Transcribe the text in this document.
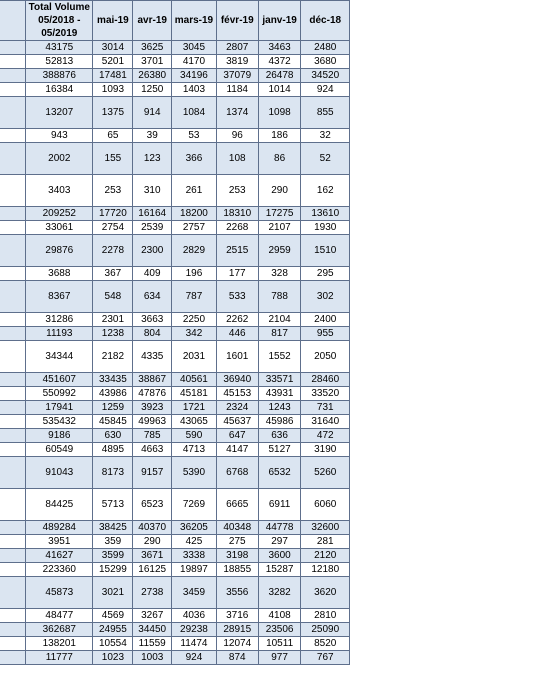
	Total Volume 05/2018 - 05/2019	mai-19	avr-19	mars-19	févr-19	janv-19	déc-18
	43175	3014	3625	3045	2807	3463	2480
	52813	5201	3701	4170	3819	4372	3680
	388876	17481	26380	34196	37079	26478	34520
	16384	1093	1250	1403	1184	1014	924
	13207	1375	914	1084	1374	1098	855
	943	65	39	53	96	186	32
	2002	155	123	366	108	86	52
	3403	253	310	261	253	290	162
	209252	17720	16164	18200	18310	17275	13610
	33061	2754	2539	2757	2268	2107	1930
	29876	2278	2300	2829	2515	2959	1510
	3688	367	409	196	177	328	295
	8367	548	634	787	533	788	302
	31286	2301	3663	2250	2262	2104	2400
	11193	1238	804	342	446	817	955
	34344	2182	4335	2031	1601	1552	2050
	451607	33435	38867	40561	36940	33571	28460
	550992	43986	47876	45181	45153	43931	33520
	17941	1259	3923	1721	2324	1243	731
	535432	45845	49963	43065	45637	45986	31640
	9186	630	785	590	647	636	472
	60549	4895	4663	4713	4147	5127	3190
	91043	8173	9157	5390	6768	6532	5260
	84425	5713	6523	7269	6665	6911	6060
	489284	38425	40370	36205	40348	44778	32600
	3951	359	290	425	275	297	281
	41627	3599	3671	3338	3198	3600	2120
	223360	15299	16125	19897	18855	15287	12180
	45873	3021	2738	3459	3556	3282	3620
	48477	4569	3267	4036	3716	4108	2810
	362687	24955	34450	29238	28915	23506	25090
	138201	10554	11559	11474	12074	10511	8520
	11777	1023	1003	924	874	977	767
